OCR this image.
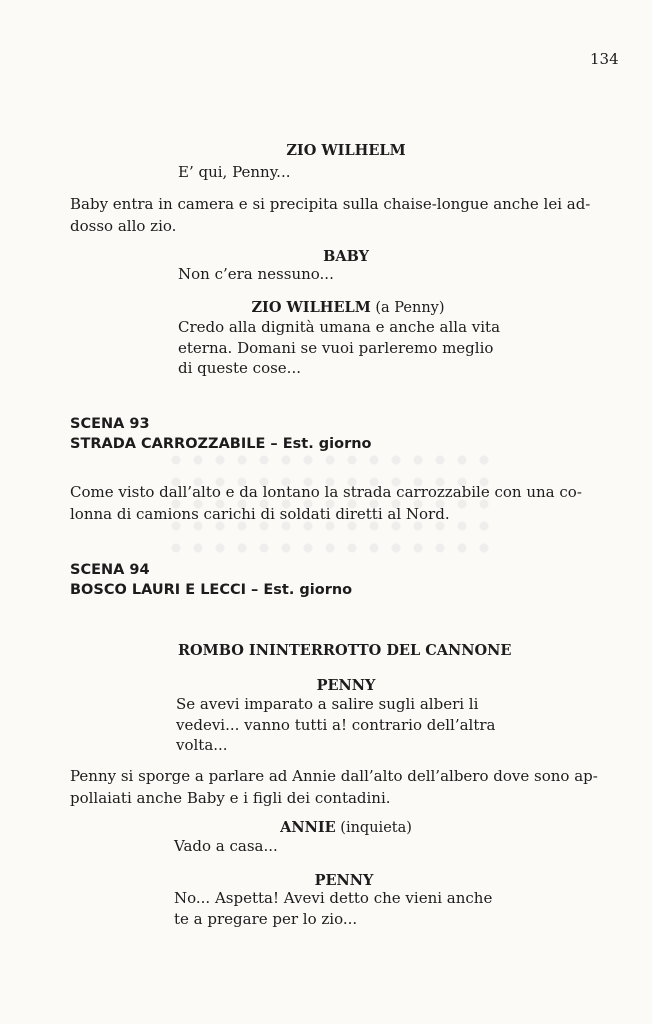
134
ZIO WILHELM
E’ qui, Penny...
Baby entra in camera e si precipita sulla chaise-longue anche lei ad-
dosso allo zio.
BABY
Non c’era nessuno...
ZIO WILHELM (a Penny)
Credo alla dignità umana e anche alla vita
eterna. Domani se vuoi parleremo meglio
di queste cose...
SCENA 93
STRADA CARROZZABILE – Est. giorno
Come visto dall’alto e da lontano la strada carrozzabile con una co-
lonna di camions carichi di soldati diretti al Nord.
SCENA 94
BOSCO LAURI E LECCI – Est. giorno
ROMBO ININTERROTTO DEL CANNONE
PENNY
Se avevi imparato a salire sugli alberi li
vedevi... vanno tutti a! contrario dell’altra
volta...
Penny si sporge a parlare ad Annie dall’alto dell’albero dove sono ap-
pollaiati anche Baby e i figli dei contadini.
ANNIE (inquieta)
Vado a casa...
PENNY
No... Aspetta! Avevi detto che vieni anche
te a pregare per lo zio...
